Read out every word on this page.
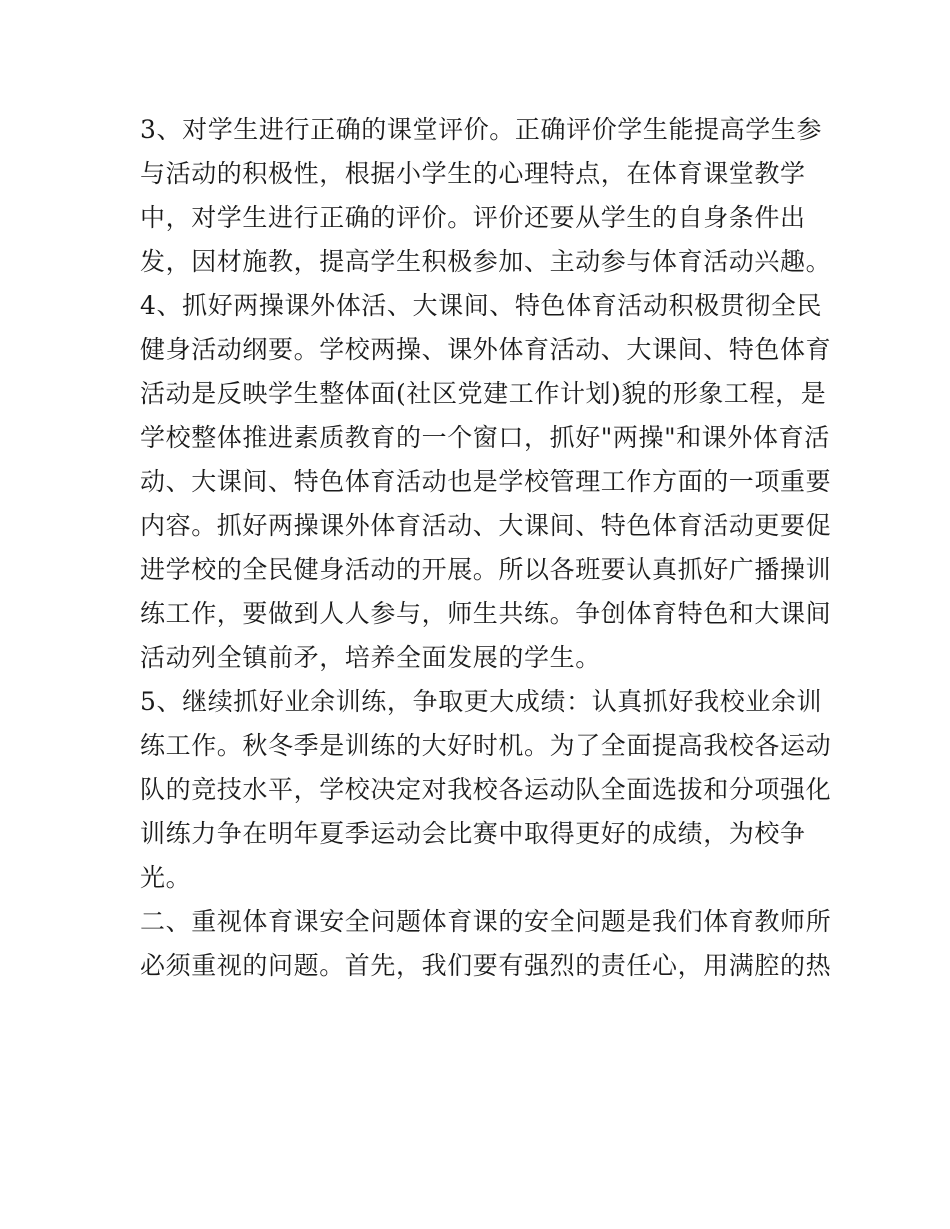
3、对学生进行正确的课堂评价。正确评价学生能提高学生参
与活动的积极性，根据小学生的心理特点，在体育课堂教学
中，对学生进行正确的评价。评价还要从学生的自身条件出
发，因材施教，提高学生积极参加、主动参与体育活动兴趣。
4、抓好两操课外体活、大课间、特色体育活动积极贯彻全民
健身活动纲要。学校两操、课外体育活动、大课间、特色体育
活动是反映学生整体面(社区党建工作计划)貌的形象工程，是
学校整体推进素质教育的一个窗口，抓好"两操"和课外体育活
动、大课间、特色体育活动也是学校管理工作方面的一项重要
内容。抓好两操课外体育活动、大课间、特色体育活动更要促
进学校的全民健身活动的开展。所以各班要认真抓好广播操训
练工作，要做到人人参与，师生共练。争创体育特色和大课间
活动列全镇前矛，培养全面发展的学生。
5、继续抓好业余训练，争取更大成绩：认真抓好我校业余训
练工作。秋冬季是训练的大好时机。为了全面提高我校各运动
队的竞技水平，学校决定对我校各运动队全面选拔和分项强化
训练力争在明年夏季运动会比赛中取得更好的成绩，为校争
光。
二、重视体育课安全问题体育课的安全问题是我们体育教师所
必须重视的问题。首先，我们要有强烈的责任心，用满腔的热
